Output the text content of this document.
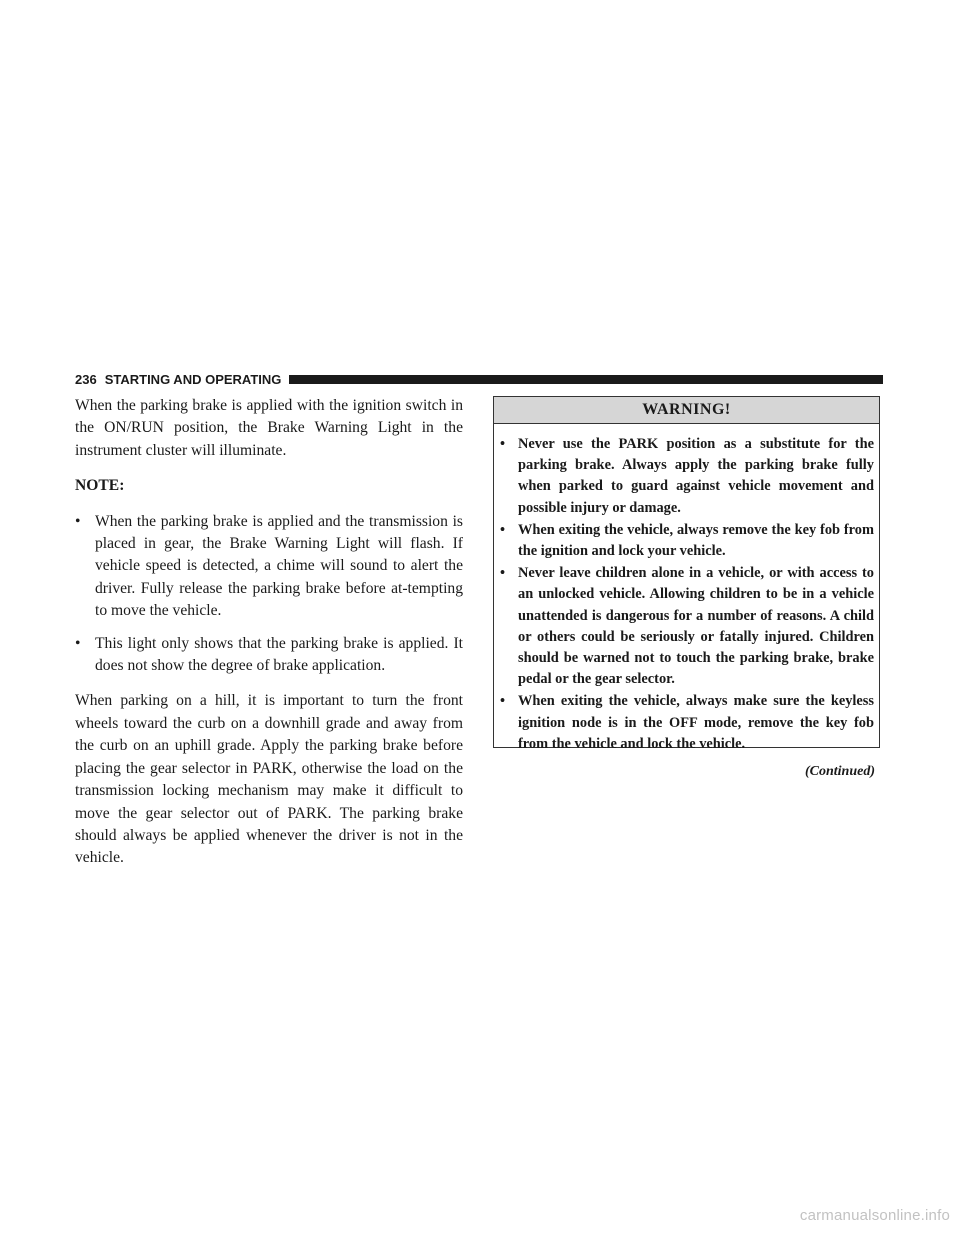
236 STARTING AND OPERATING

When the parking brake is applied with the ignition switch in the ON/RUN position, the Brake Warning Light in the instrument cluster will illuminate.

NOTE:

• When the parking brake is applied and the transmission is placed in gear, the Brake Warning Light will flash. If vehicle speed is detected, a chime will sound to alert the driver. Fully release the parking brake before at-tempting to move the vehicle.
• This light only shows that the parking brake is applied. It does not show the degree of brake application.

When parking on a hill, it is important to turn the front wheels toward the curb on a downhill grade and away from the curb on an uphill grade. Apply the parking brake before placing the gear selector in PARK, otherwise the load on the transmission locking mechanism may make it difficult to move the gear selector out of PARK. The parking brake should always be applied whenever the driver is not in the vehicle.

WARNING!
• Never use the PARK position as a substitute for the parking brake. Always apply the parking brake fully when parked to guard against vehicle movement and possible injury or damage.
• When exiting the vehicle, always remove the key fob from the ignition and lock your vehicle.
• Never leave children alone in a vehicle, or with access to an unlocked vehicle. Allowing children to be in a vehicle unattended is dangerous for a number of reasons. A child or others could be seriously or fatally injured. Children should be warned not to touch the parking brake, brake pedal or the gear selector.
• When exiting the vehicle, always make sure the keyless ignition node is in the OFF mode, remove the key fob from the vehicle and lock the vehicle.
(Continued)
carmanualsonline.info
